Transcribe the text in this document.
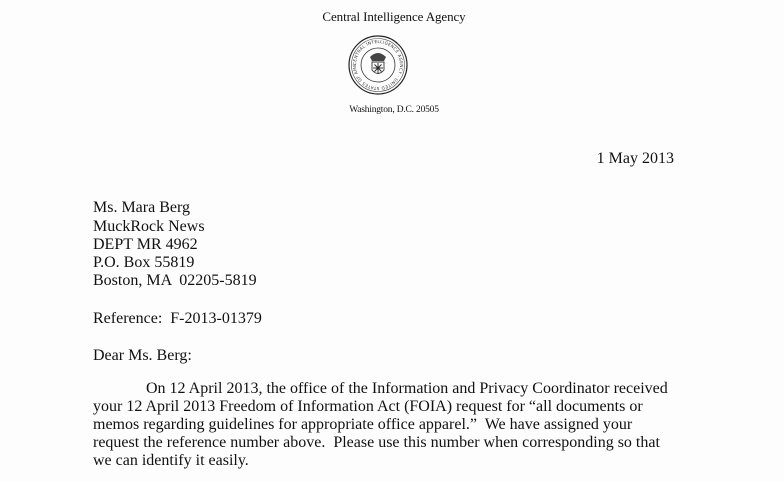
Central Intelligence Agency
CENTRAL INTELLIGENCE AGENCY · UNITED STATES OF AME
Washington, D.C. 20505
1 May 2013
Ms. Mara Berg
MuckRock News
DEPT MR 4962
P.O. Box 55819
Boston, MA  02205-5819
Reference:  F-2013-01379
Dear Ms. Berg:
On 12 April 2013, the office of the Information and Privacy Coordinator received
your 12 April 2013 Freedom of Information Act (FOIA) request for “all documents or
memos regarding guidelines for appropriate office apparel.”  We have assigned your
request the reference number above.  Please use this number when corresponding so that
we can identify it easily.
